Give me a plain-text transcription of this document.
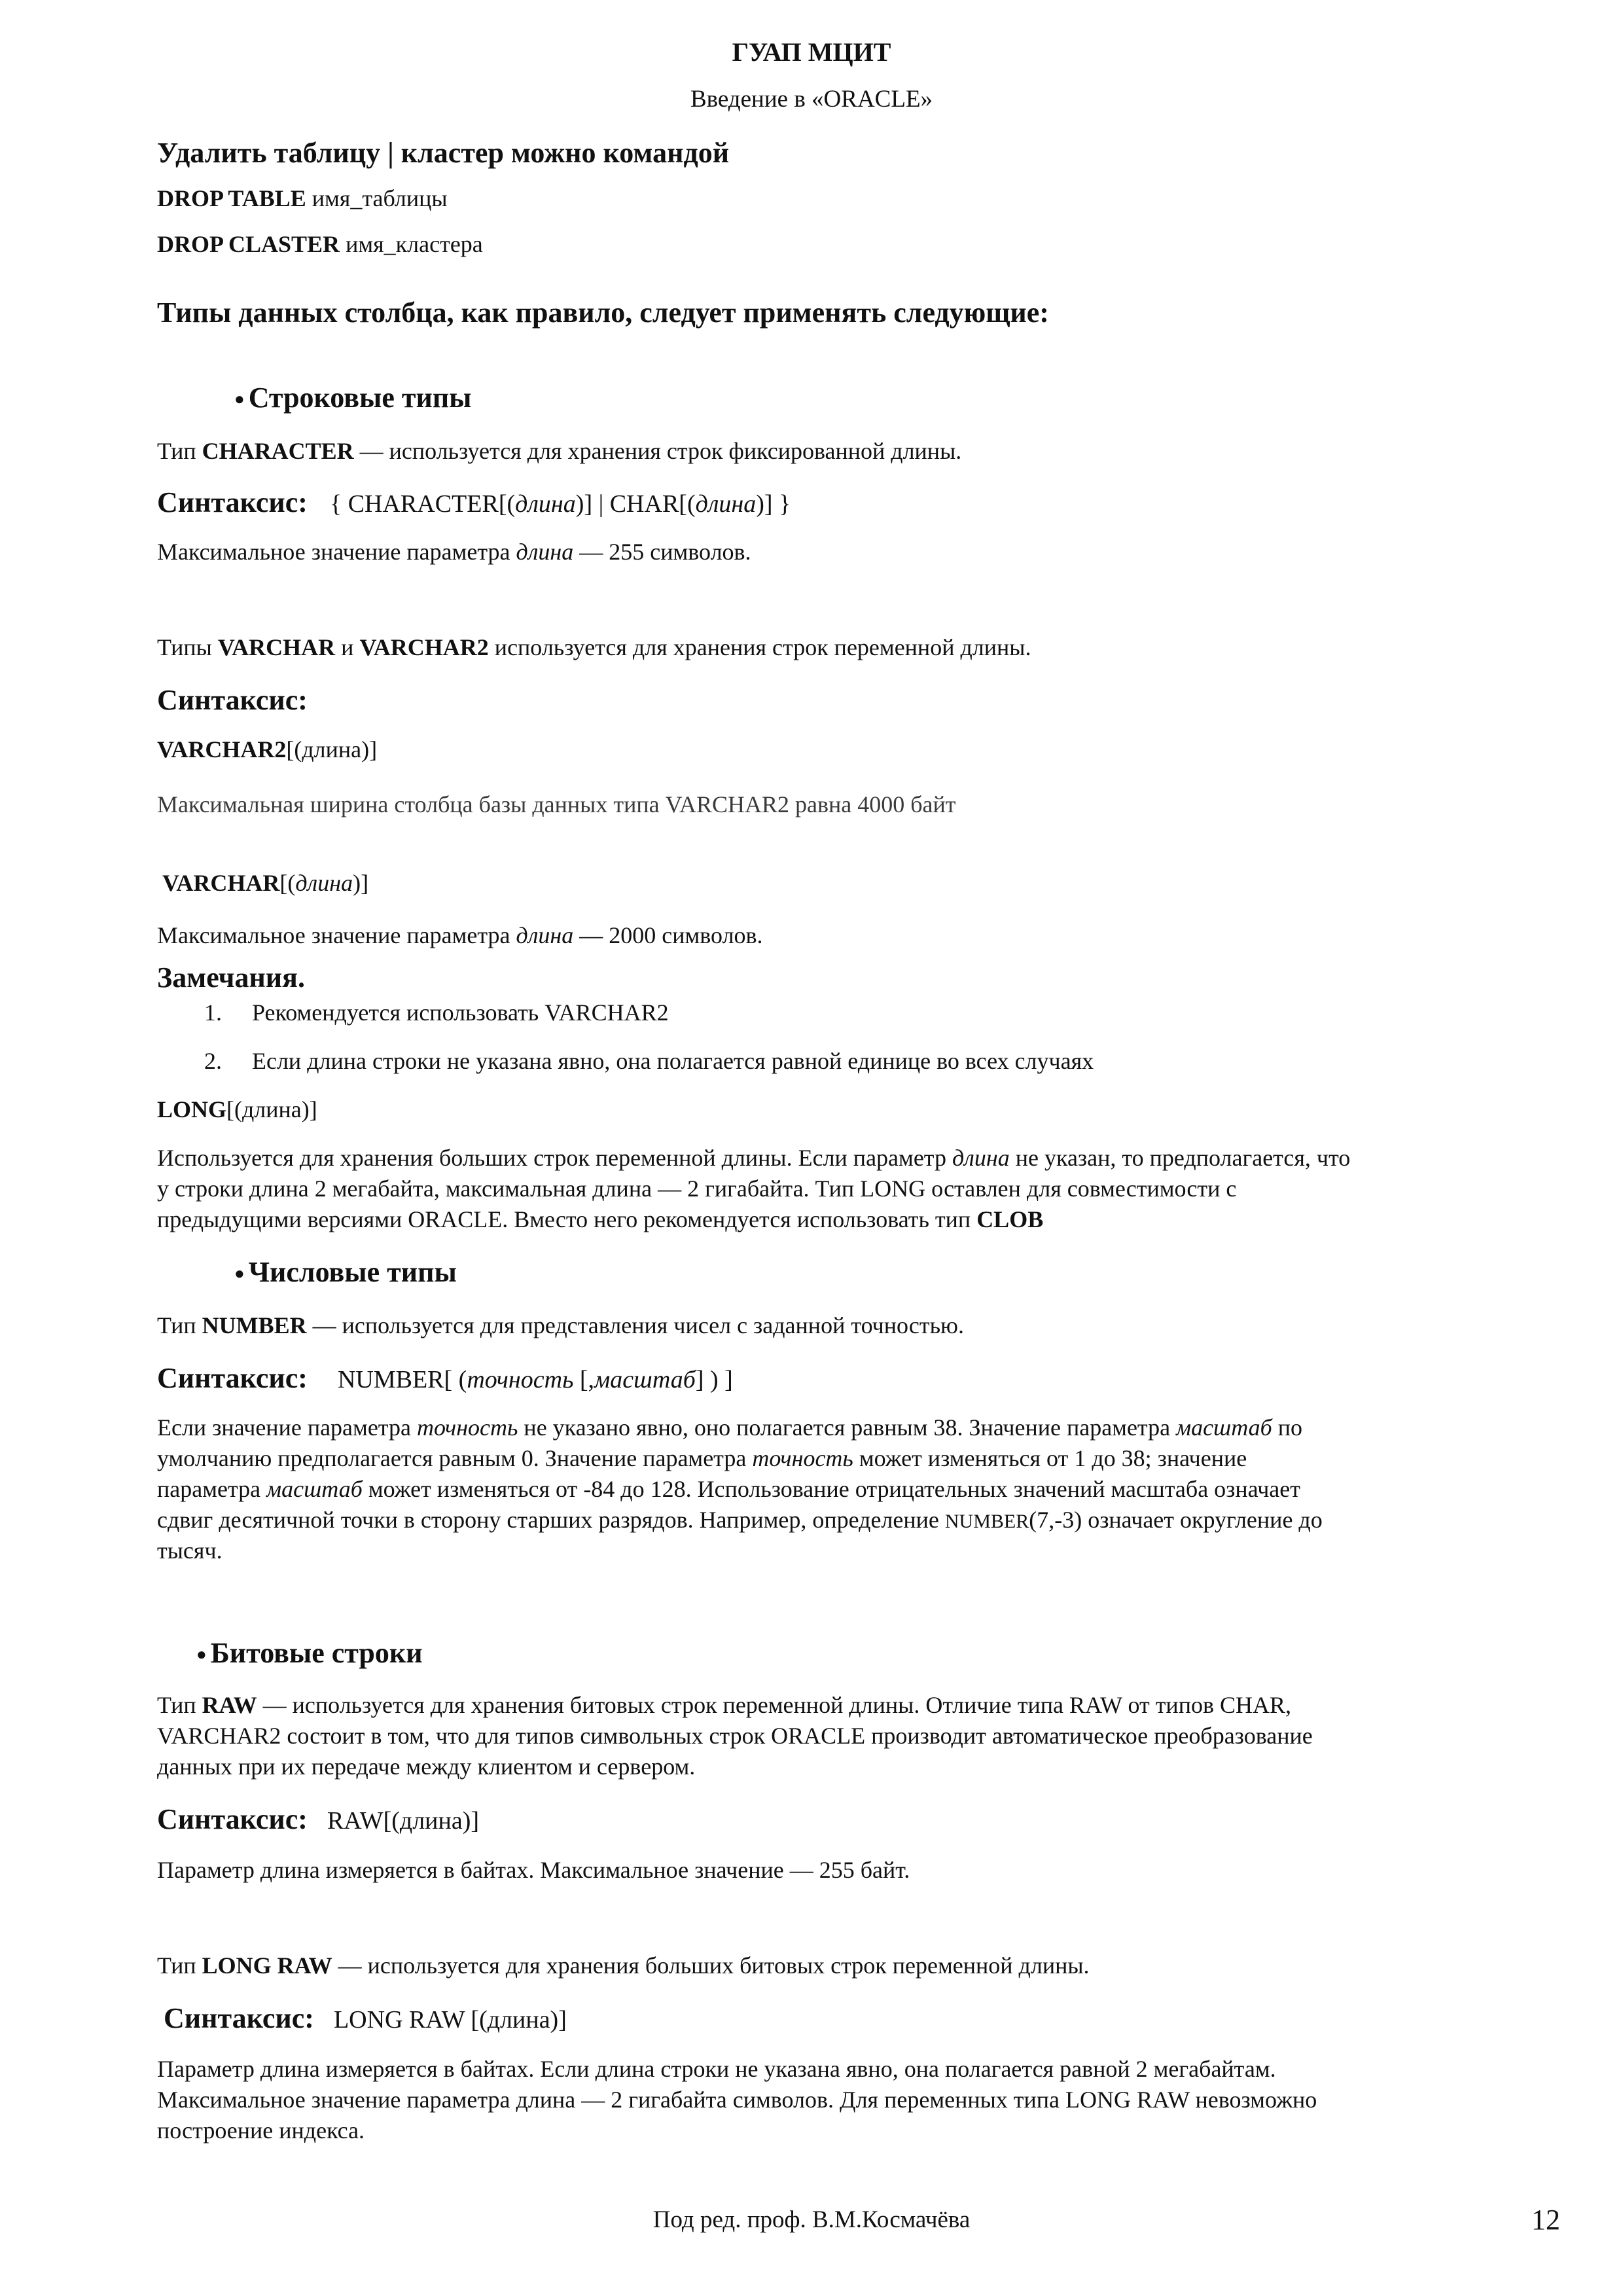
ГУАП МЦИТ
Введение в «ORACLE»
Удалить таблицу | кластер можно командой
DROP TABLE имя_таблицы
DROP CLASTER имя_кластера
Типы данных столбца, как правило, следует применять следующие:
● Строковые типы
Тип CHARACTER — используется для хранения строк фиксированной длины.
Синтаксис: { CHARACTER[(длина)] | CHAR[(длина)] }
Максимальное значение параметра длина — 255 символов.
Типы VARCHAR и VARCHAR2 используется для хранения строк переменной длины.
Синтаксис:
VARCHAR2[(длина)]
Максимальная ширина столбца базы данных типа VARCHAR2 равна 4000 байт
VARCHAR[(длина)]
Максимальное значение параметра длина — 2000 символов.
Замечания.
1. Рекомендуется использовать VARCHAR2
2. Если длина строки не указана явно, она полагается равной единице во всех случаях
LONG[(длина)]
Используется для хранения больших строк переменной длины. Если параметр длина не указан, то предполагается, что
у строки длина 2 мегабайта, максимальная длина — 2 гигабайта. Тип LONG оставлен для совместимости с
предыдущими версиями ORACLE. Вместо него рекомендуется использовать тип CLOB
● Числовые типы
Тип NUMBER — используется для представления чисел с заданной точностью.
Синтаксис: NUMBER[ (точность [,масштаб] ) ]
Если значение параметра точность не указано явно, оно полагается равным 38. Значение параметра масштаб по
умолчанию предполагается равным 0. Значение параметра точность может изменяться от 1 до 38; значение
параметра масштаб может изменяться от -84 до 128. Использование отрицательных значений масштаба означает
сдвиг десятичной точки в сторону старших разрядов. Например, определение NUMBER(7,-3) означает округление до
тысяч.
● Битовые строки
Тип RAW — используется для хранения битовых строк переменной длины. Отличие типа RAW от типов CHAR,
VARCHAR2 состоит в том, что для типов символьных строк ORACLE производит автоматическое преобразование
данных при их передаче между клиентом и сервером.
Синтаксис: RAW[(длина)]
Параметр длина измеряется в байтах. Максимальное значение — 255 байт.
Тип LONG RAW — используется для хранения больших битовых строк переменной длины.
Синтаксис: LONG RAW [(длина)]
Параметр длина измеряется в байтах. Если длина строки не указана явно, она полагается равной 2 мегабайтам.
Максимальное значение параметра длина — 2 гигабайта символов. Для переменных типа LONG RAW невозможно
построение индекса.
Под ред. проф. В.М.Космачёва	12
